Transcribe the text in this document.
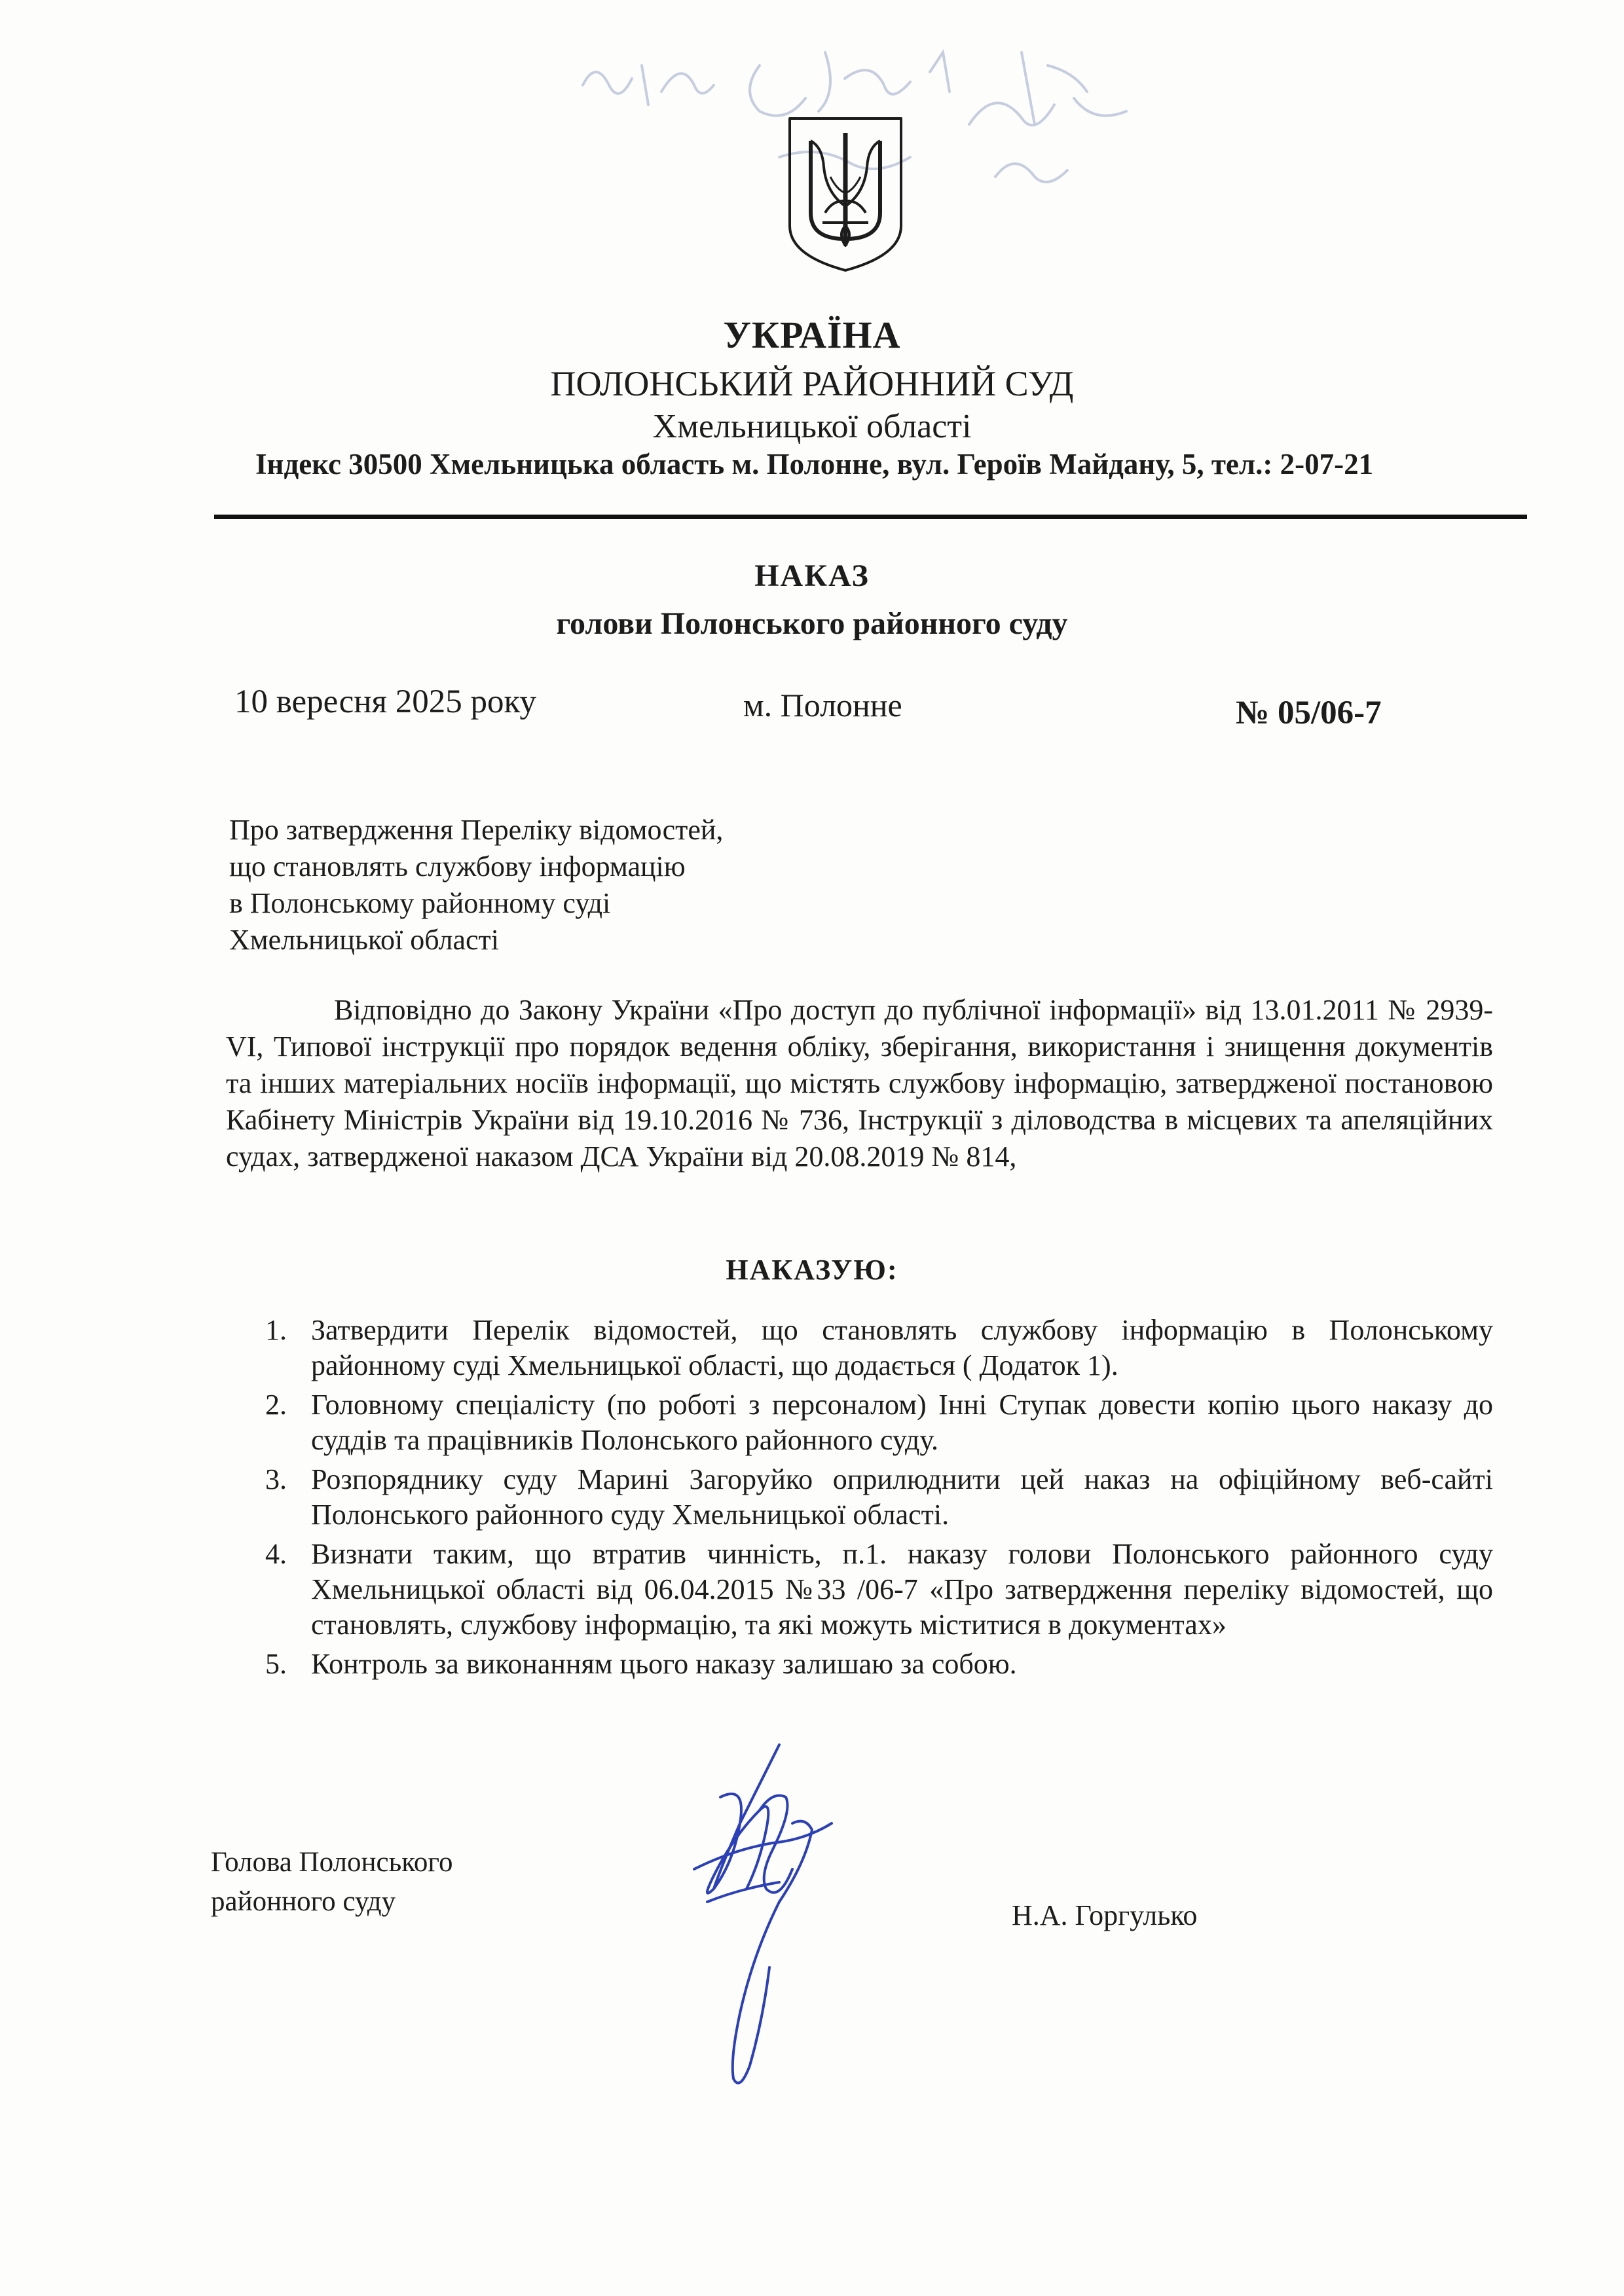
УКРАЇНА
ПОЛОНСЬКИЙ РАЙОННИЙ СУД
Хмельницької області
Індекс 30500 Хмельницька область м. Полонне, вул. Героїв Майдану, 5, тел.: 2-07-21
НАКАЗ
голови Полонського районного суду
10 вересня 2025 року	м. Полонне	№ 05/06-7
Про затвердження Переліку відомостей,
що становлять службову інформацію
в Полонському районному суді
Хмельницької області
Відповідно до Закону України «Про доступ до публічної інформації» від 13.01.2011 № 2939-VI, Типової інструкції про порядок ведення обліку, зберігання, використання і знищення документів та інших матеріальних носіїв інформації, що містять службову інформацію, затвердженої постановою Кабінету Міністрів України від 19.10.2016 № 736, Інструкції з діловодства в місцевих та апеляційних судах, затвердженої наказом ДСА України від 20.08.2019 № 814,
НАКАЗУЮ:
1. Затвердити Перелік відомостей, що становлять службову інформацію в Полонському районному суді Хмельницької області, що додається ( Додаток 1).
2. Головному спеціалісту (по роботі з персоналом) Інні Ступак довести копію цього наказу до суддів та працівників Полонського районного суду.
3. Розпоряднику суду Марині Загоруйко оприлюднити цей наказ на офіційному веб-сайті Полонського районного суду Хмельницької області.
4. Визнати таким, що втратив чинність, п.1. наказу голови Полонського районного суду Хмельницької області від 06.04.2015 №33 /06-7 «Про затвердження переліку відомостей, що становлять, службову інформацію, та які можуть міститися в документах»
5. Контроль за виконанням цього наказу залишаю за собою.
Голова Полонського
районного суду	Н.А. Горгулько
